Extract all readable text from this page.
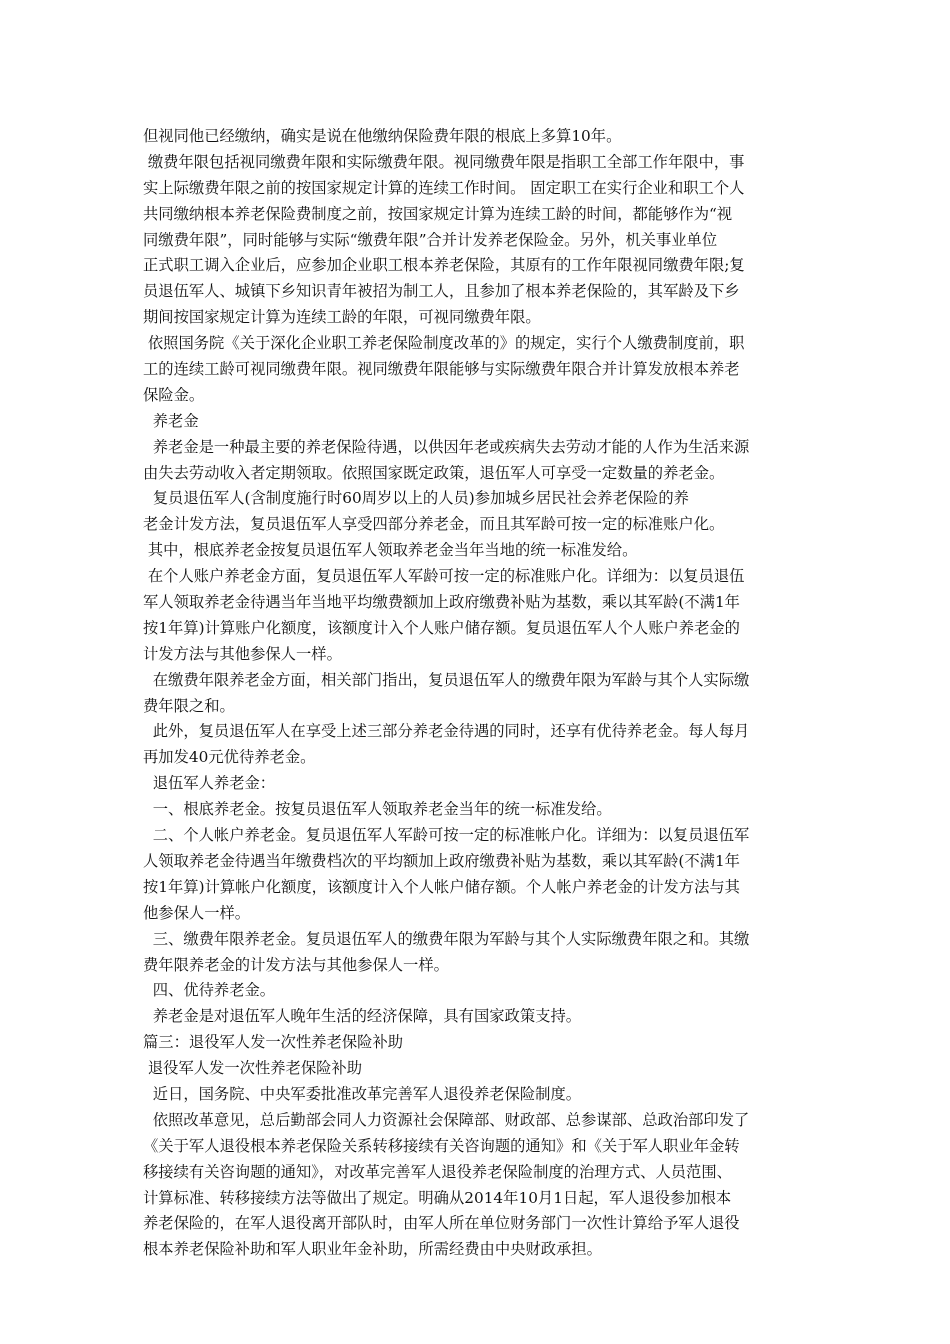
但视同他已经缴纳，确实是说在他缴纳保险费年限的根底上多算10年。
缴费年限包括视同缴费年限和实际缴费年限。视同缴费年限是指职工全部工作年限中，事
实上际缴费年限之前的按国家规定计算的连续工作时间。 固定职工在实行企业和职工个人
共同缴纳根本养老保险费制度之前，按国家规定计算为连续工龄的时间，都能够作为“视
同缴费年限”，同时能够与实际“缴费年限”合并计发养老保险金。另外，机关事业单位
正式职工调入企业后，应参加企业职工根本养老保险，其原有的工作年限视同缴费年限;复
员退伍军人、城镇下乡知识青年被招为制工人，且参加了根本养老保险的，其军龄及下乡
期间按国家规定计算为连续工龄的年限，可视同缴费年限。
依照国务院《关于深化企业职工养老保险制度改革的》的规定，实行个人缴费制度前，职
工的连续工龄可视同缴费年限。视同缴费年限能够与实际缴费年限合并计算发放根本养老
保险金。
养老金
养老金是一种最主要的养老保险待遇，以供因年老或疾病失去劳动才能的人作为生活来源
由失去劳动收入者定期领取。依照国家既定政策，退伍军人可享受一定数量的养老金。
复员退伍军人(含制度施行时60周岁以上的人员)参加城乡居民社会养老保险的养
老金计发方法，复员退伍军人享受四部分养老金，而且其军龄可按一定的标准账户化。
其中，根底养老金按复员退伍军人领取养老金当年当地的统一标准发给。
在个人账户养老金方面，复员退伍军人军龄可按一定的标准账户化。详细为：以复员退伍
军人领取养老金待遇当年当地平均缴费额加上政府缴费补贴为基数，乘以其军龄(不满1年
按1年算)计算账户化额度，该额度计入个人账户储存额。复员退伍军人个人账户养老金的
计发方法与其他参保人一样。
在缴费年限养老金方面，相关部门指出，复员退伍军人的缴费年限为军龄与其个人实际缴
费年限之和。
此外，复员退伍军人在享受上述三部分养老金待遇的同时，还享有优待养老金。每人每月
再加发40元优待养老金。
退伍军人养老金：
一、根底养老金。按复员退伍军人领取养老金当年的统一标准发给。
二、个人帐户养老金。复员退伍军人军龄可按一定的标准帐户化。详细为：以复员退伍军
人领取养老金待遇当年缴费档次的平均额加上政府缴费补贴为基数，乘以其军龄(不满1年
按1年算)计算帐户化额度，该额度计入个人帐户储存额。个人帐户养老金的计发方法与其
他参保人一样。
三、缴费年限养老金。复员退伍军人的缴费年限为军龄与其个人实际缴费年限之和。其缴
费年限养老金的计发方法与其他参保人一样。
四、优待养老金。
养老金是对退伍军人晚年生活的经济保障，具有国家政策支持。
篇三：退役军人发一次性养老保险补助
退役军人发一次性养老保险补助
近日，国务院、中央军委批准改革完善军人退役养老保险制度。
依照改革意见，总后勤部会同人力资源社会保障部、财政部、总参谋部、总政治部印发了
《关于军人退役根本养老保险关系转移接续有关咨询题的通知》和《关于军人职业年金转
移接续有关咨询题的通知》，对改革完善军人退役养老保险制度的治理方式、人员范围、
计算标准、转移接续方法等做出了规定。明确从2014年10月1日起，军人退役参加根本
养老保险的，在军人退役离开部队时，由军人所在单位财务部门一次性计算给予军人退役
根本养老保险补助和军人职业年金补助，所需经费由中央财政承担。
